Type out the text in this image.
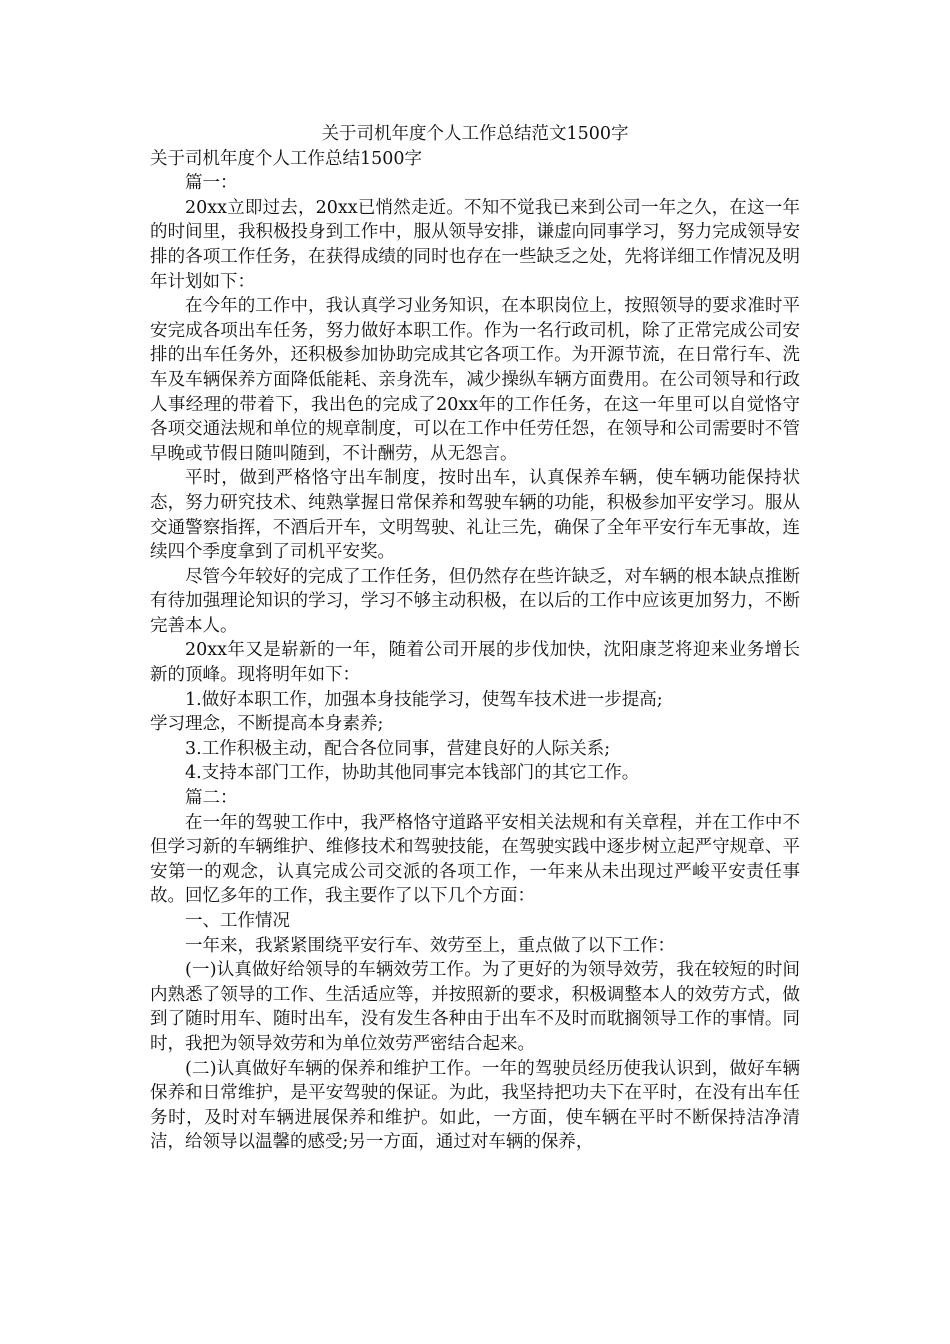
关于司机年度个人工作总结范文1500字

关于司机年度个人工作总结1500字

篇一：

20xx立即过去，20xx已悄然走近。不知不觉我已来到公司一年之久，在这一年的时间里，我积极投身到工作中，服从领导安排，谦虚向同事学习，努力完成领导安排的各项工作任务，在获得成绩的同时也存在一些缺乏之处，先将详细工作情况及明年计划如下：

在今年的工作中，我认真学习业务知识，在本职岗位上，按照领导的要求准时平安完成各项出车任务，努力做好本职工作。作为一名行政司机，除了正常完成公司安排的出车任务外，还积极参加协助完成其它各项工作。为开源节流，在日常行车、洗车及车辆保养方面降低能耗、亲身洗车，减少操纵车辆方面费用。在公司领导和行政人事经理的带着下，我出色的完成了20xx年的工作任务，在这一年里可以自觉恪守各项交通法规和单位的规章制度，可以在工作中任劳任怨，在领导和公司需要时不管早晚或节假日随叫随到，不计酬劳，从无怨言。

平时，做到严格恪守出车制度，按时出车，认真保养车辆，使车辆功能保持状态，努力研究技术、纯熟掌握日常保养和驾驶车辆的功能，积极参加平安学习。服从交通警察指挥，不酒后开车，文明驾驶、礼让三先，确保了全年平安行车无事故，连续四个季度拿到了司机平安奖。

尽管今年较好的完成了工作任务，但仍然存在些许缺乏，对车辆的根本缺点推断有待加强理论知识的学习，学习不够主动积极，在以后的工作中应该更加努力，不断完善本人。

20xx年又是崭新的一年，随着公司开展的步伐加快，沈阳康芝将迎来业务增长新的顶峰。现将明年如下：

1.做好本职工作，加强本身技能学习，使驾车技术进一步提高;

学习理念，不断提高本身素养;

3.工作积极主动，配合各位同事，营建良好的人际关系;

4.支持本部门工作，协助其他同事完本钱部门的其它工作。

篇二：

在一年的驾驶工作中，我严格恪守道路平安相关法规和有关章程，并在工作中不但学习新的车辆维护、维修技术和驾驶技能，在驾驶实践中逐步树立起严守规章、平安第一的观念，认真完成公司交派的各项工作，一年来从未出现过严峻平安责任事故。回忆多年的工作，我主要作了以下几个方面：

一、工作情况

一年来，我紧紧围绕平安行车、效劳至上，重点做了以下工作：

(一)认真做好给领导的车辆效劳工作。为了更好的为领导效劳，我在较短的时间内熟悉了领导的工作、生活适应等，并按照新的要求，积极调整本人的效劳方式，做到了随时用车、随时出车，没有发生各种由于出车不及时而耽搁领导工作的事情。同时，我把为领导效劳和为单位效劳严密结合起来。

(二)认真做好车辆的保养和维护工作。一年的驾驶员经历使我认识到，做好车辆保养和日常维护，是平安驾驶的保证。为此，我坚持把功夫下在平时，在没有出车任务时，及时对车辆进展保养和维护。如此，一方面，使车辆在平时不断保持洁净清洁，给领导以温馨的感受;另一方面，通过对车辆的保养，
